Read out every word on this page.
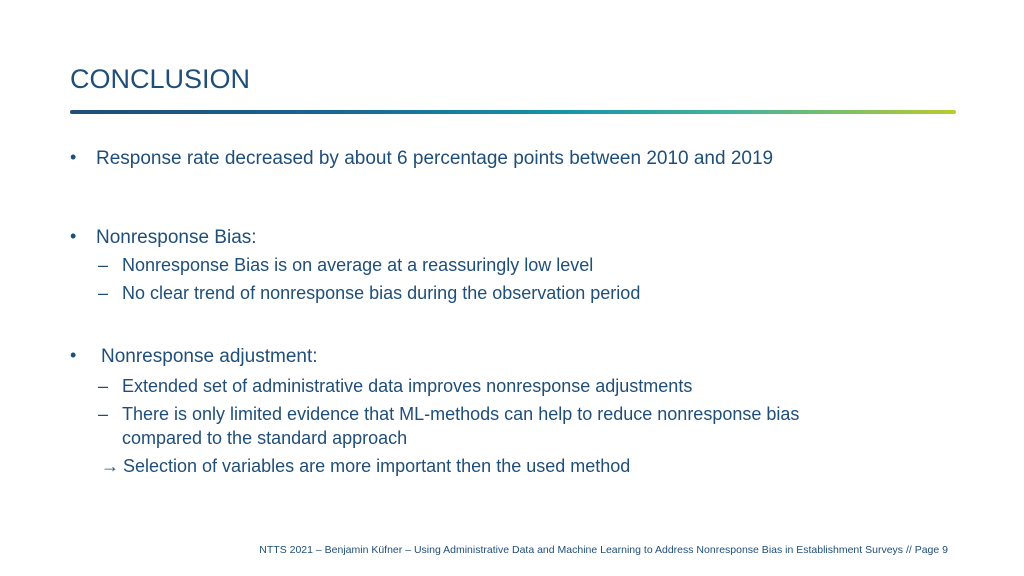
CONCLUSION
• Response rate decreased by about 6 percentage points between 2010 and 2019
• Nonresponse Bias:
– Nonresponse Bias is on average at a reassuringly low level
– No clear trend of nonresponse bias during the observation period
• Nonresponse adjustment:
– Extended set of administrative data improves nonresponse adjustments
– There is only limited evidence that ML-methods can help to reduce nonresponse bias
compared to the standard approach
→ Selection of variables are more important then the used method
NTTS 2021 – Benjamin Küfner – Using Administrative Data and Machine Learning to Address Nonresponse Bias in Establishment Surveys // Page 9
